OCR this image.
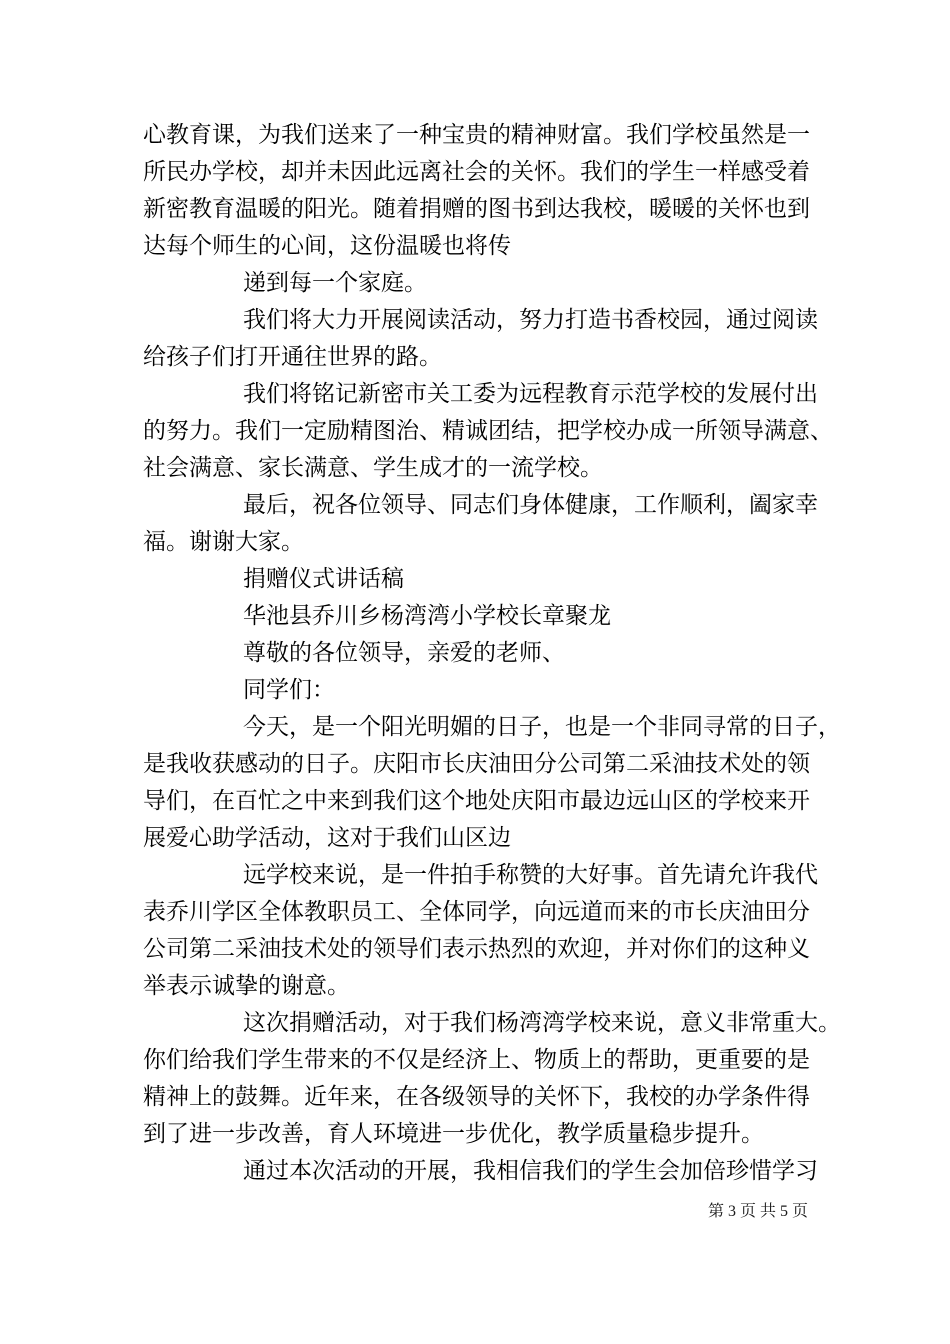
心教育课，为我们送来了一种宝贵的精神财富。我们学校虽然是一
所民办学校，却并未因此远离社会的关怀。我们的学生一样感受着
新密教育温暖的阳光。随着捐赠的图书到达我校，暖暖的关怀也到
达每个师生的心间，这份温暖也将传
递到每一个家庭。
我们将大力开展阅读活动，努力打造书香校园，通过阅读
给孩子们打开通往世界的路。
我们将铭记新密市关工委为远程教育示范学校的发展付出
的努力。我们一定励精图治、精诚团结，把学校办成一所领导满意、
社会满意、家长满意、学生成才的一流学校。
最后，祝各位领导、同志们身体健康，工作顺利，阖家幸
福。谢谢大家。
捐赠仪式讲话稿
华池县乔川乡杨湾湾小学校长章聚龙
尊敬的各位领导，亲爱的老师、
同学们：
今天，是一个阳光明媚的日子，也是一个非同寻常的日子，
是我收获感动的日子。庆阳市长庆油田分公司第二采油技术处的领
导们，在百忙之中来到我们这个地处庆阳市最边远山区的学校来开
展爱心助学活动，这对于我们山区边
远学校来说，是一件拍手称赞的大好事。首先请允许我代
表乔川学区全体教职员工、全体同学，向远道而来的市长庆油田分
公司第二采油技术处的领导们表示热烈的欢迎，并对你们的这种义
举表示诚挚的谢意。
这次捐赠活动，对于我们杨湾湾学校来说，意义非常重大。
你们给我们学生带来的不仅是经济上、物质上的帮助，更重要的是
精神上的鼓舞。近年来，在各级领导的关怀下，我校的办学条件得
到了进一步改善，育人环境进一步优化，教学质量稳步提升。
通过本次活动的开展，我相信我们的学生会加倍珍惜学习
第 3 页 共 5 页
